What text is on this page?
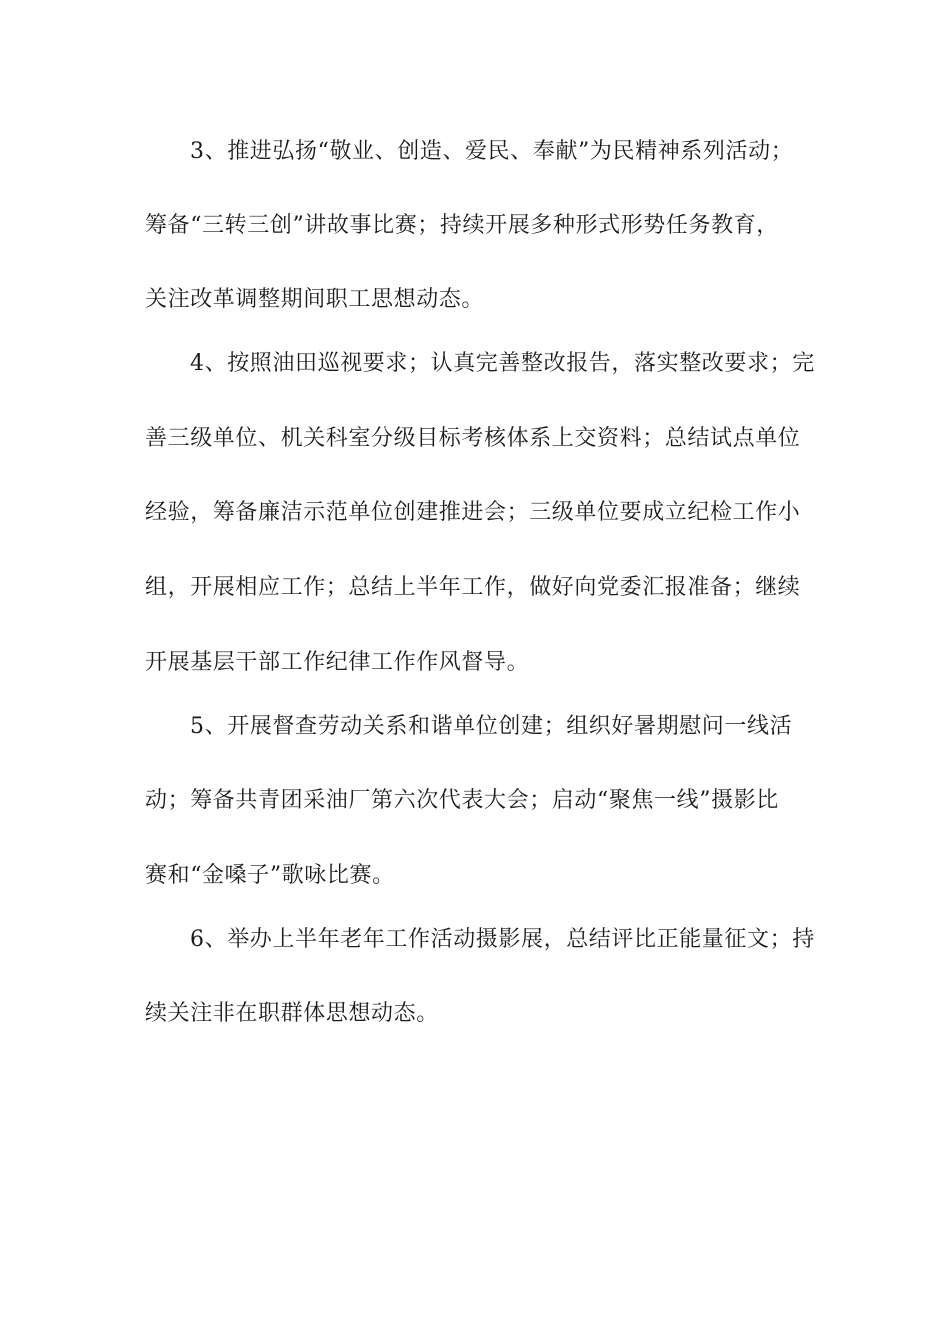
3、推进弘扬“敬业、创造、爱民、奉献”为民精神系列活动；
筹备“三转三创”讲故事比赛；持续开展多种形式形势任务教育，
关注改革调整期间职工思想动态。
4、按照油田巡视要求；认真完善整改报告，落实整改要求；完
善三级单位、机关科室分级目标考核体系上交资料；总结试点单位
经验，筹备廉洁示范单位创建推进会；三级单位要成立纪检工作小
组，开展相应工作；总结上半年工作，做好向党委汇报准备；继续
开展基层干部工作纪律工作作风督导。
5、开展督查劳动关系和谐单位创建；组织好暑期慰问一线活
动；筹备共青团采油厂第六次代表大会；启动“聚焦一线”摄影比
赛和“金嗓子”歌咏比赛。
6、举办上半年老年工作活动摄影展，总结评比正能量征文；持
续关注非在职群体思想动态。
